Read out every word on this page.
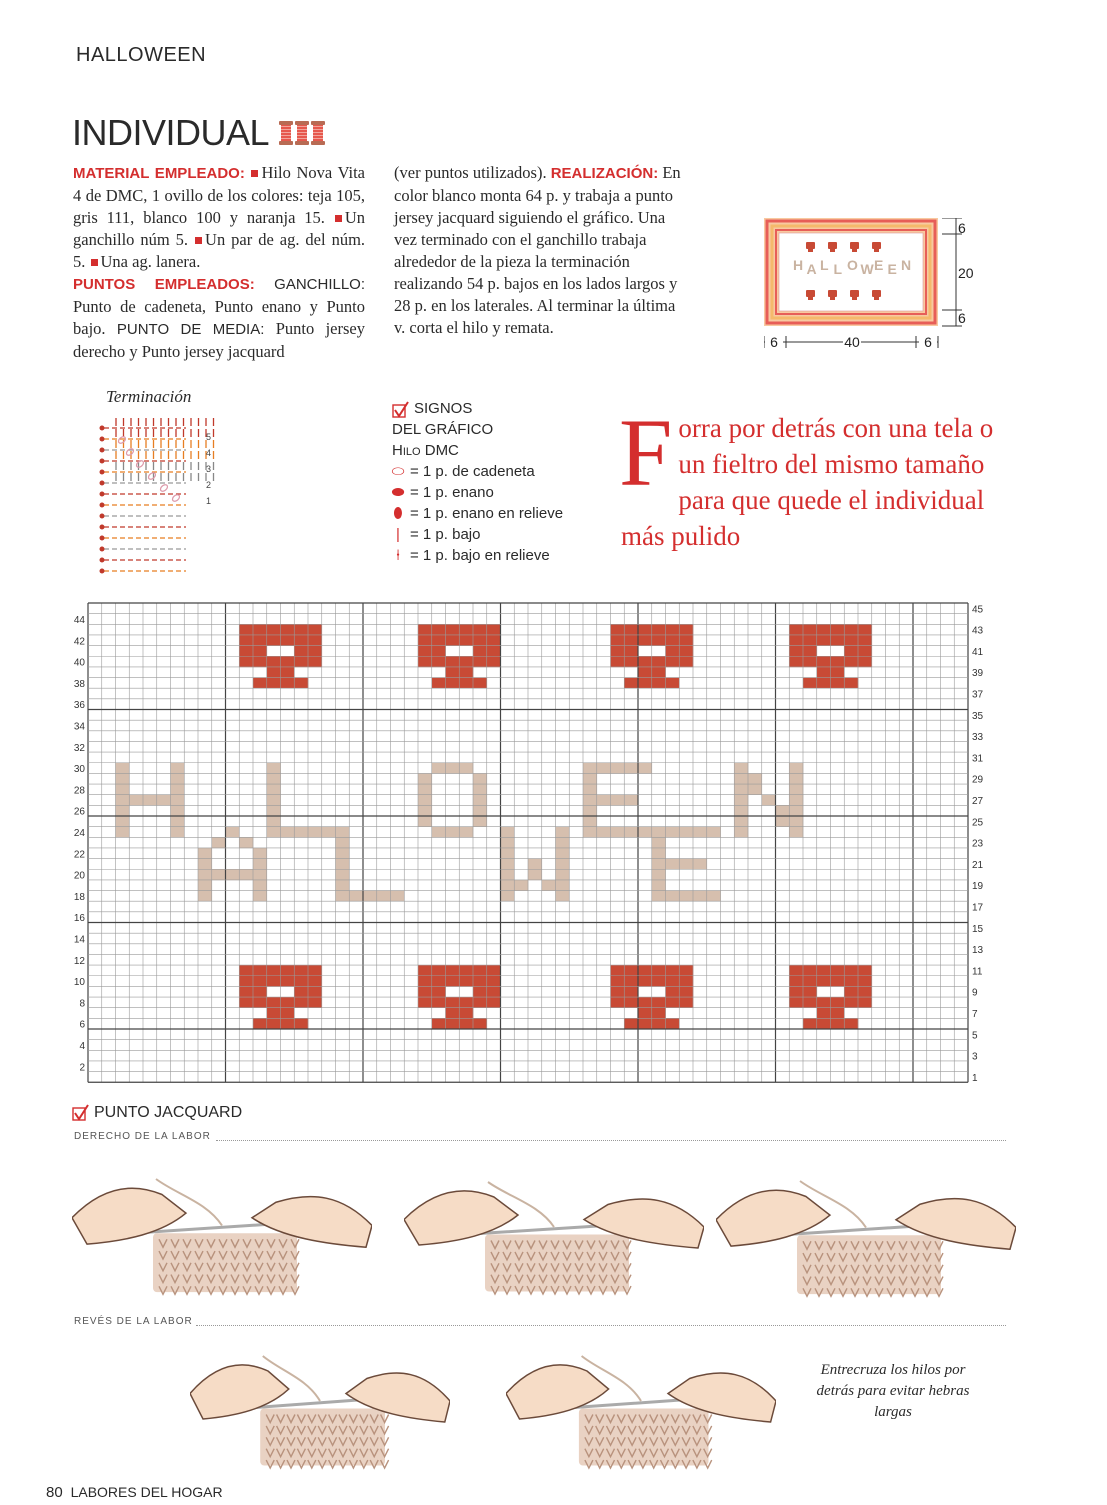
HALLOWEEN
INDIVIDUAL
MATERIAL EMPLEADO: Hilo Nova Vita 4 de DMC, 1 ovillo de los colores: teja 105, gris 111, blanco 100 y naranja 15. Un ganchillo núm 5. Un par de ag. del núm. 5. Una ag. lanera.
PUNTOS EMPLEADOS: GANCHILLO: Punto de cadeneta, Punto enano y Punto bajo. PUNTO DE MEDIA: Punto jersey derecho y Punto jersey jacquard
(ver puntos utilizados). REALIZACIÓN: En color blanco monta 64 p. y trabaja a punto jersey jacquard siguiendo el gráfico. Una vez terminado con el ganchillo trabaja alrededor de la pieza la terminación realizando 54 p. bajos en los lados largos y 28 p. en los laterales. Al terminar la última v. corta el hilo y remata.
Terminación
5
4
3
2
1
SIGNOS
DEL GRÁFICO
Hilo DMC
⬭ = 1 p. de cadeneta
⬬ = 1 p. enano
⬮ = 1 p. enano en relieve
| = 1 p. bajo
⍿ = 1 p. bajo en relieve
F orra por detrás con una tela o un fieltro del mismo tamaño para que quede el individual más pulido
H A L L O W E E N
6
20
6
6	40	6
44
42
40
38
36
34
32
30
28
26
24
22
20
18
16
14
12
10
8
6
4
2
45
43
41
39
37
35
33
31
29
27
25
23
21
19
17
15
13
11
9
7
5
3
1
PUNTO JACQUARD
DERECHO DE LA LABOR
REVÉS DE LA LABOR
Entrecruza los hilos por detrás para evitar hebras largas
80 LABORES DEL HOGAR
